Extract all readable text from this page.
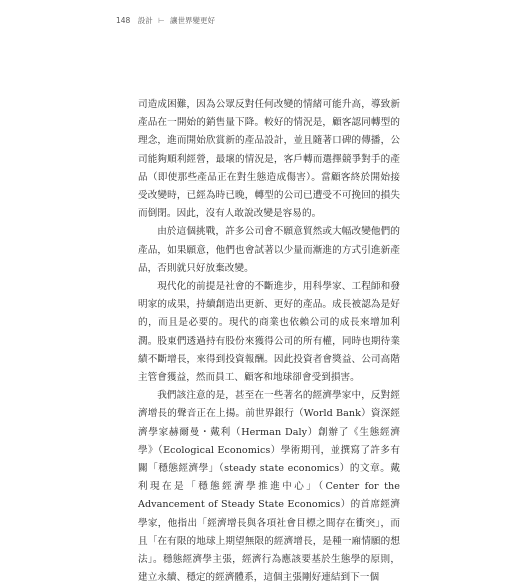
148 設計 ⊢ 讓世界變更好

司造成困難，因為公眾反對任何改變的情緒可能升高，導致新產品在一開始的銷售量下降。較好的情況是，顧客認同轉型的理念，進而開始欣賞新的產品設計，並且隨著口碑的傳播，公司能夠順利經營，最壞的情況是，客戶轉而選擇競爭對手的產品（即使那些產品正在對生態造成傷害）。當顧客終於開始接受改變時，已經為時已晚，轉型的公司已遭受不可挽回的損失而倒閉。因此，沒有人敢說改變是容易的。

由於這個挑戰，許多公司會不願意貿然或大幅改變他們的產品，如果願意，他們也會試著以少量而漸進的方式引進新產品，否則就只好放棄改變。

現代化的前提是社會的不斷進步，用科學家、工程師和發明家的成果，持續創造出更新、更好的產品。成長被認為是好的，而且是必要的。現代的商業也依賴公司的成長來增加利潤。股東們透過持有股份來獲得公司的所有權，同時也期待業績不斷增長，來得到投資報酬。因此投資者會獎益、公司高階主管會獲益，然而員工、顧客和地球卻會受到損害。

我們該注意的是，甚至在一些著名的經濟學家中，反對經濟增長的聲音正在上揚。前世界銀行（World Bank）資深經濟學家赫爾曼・戴利（Herman Daly）創辦了《生態經濟學》（Ecological Economics）學術期刊，並撰寫了許多有關「穩態經濟學」（steady state economics）的文章。戴利現在是「穩態經濟學推進中心」（Center for the Advancement of Steady State Economics）的首席經濟學家，他指出「經濟增長與各項社會目標之間存在衝突」，而且「在有限的地球上期望無限的經濟增長，是種一廂情願的想法」。穩態經濟學主張，經濟行為應該要基於生態學的原則，建立永續、穩定的經濟體系，這個主張剛好連結到下一個
